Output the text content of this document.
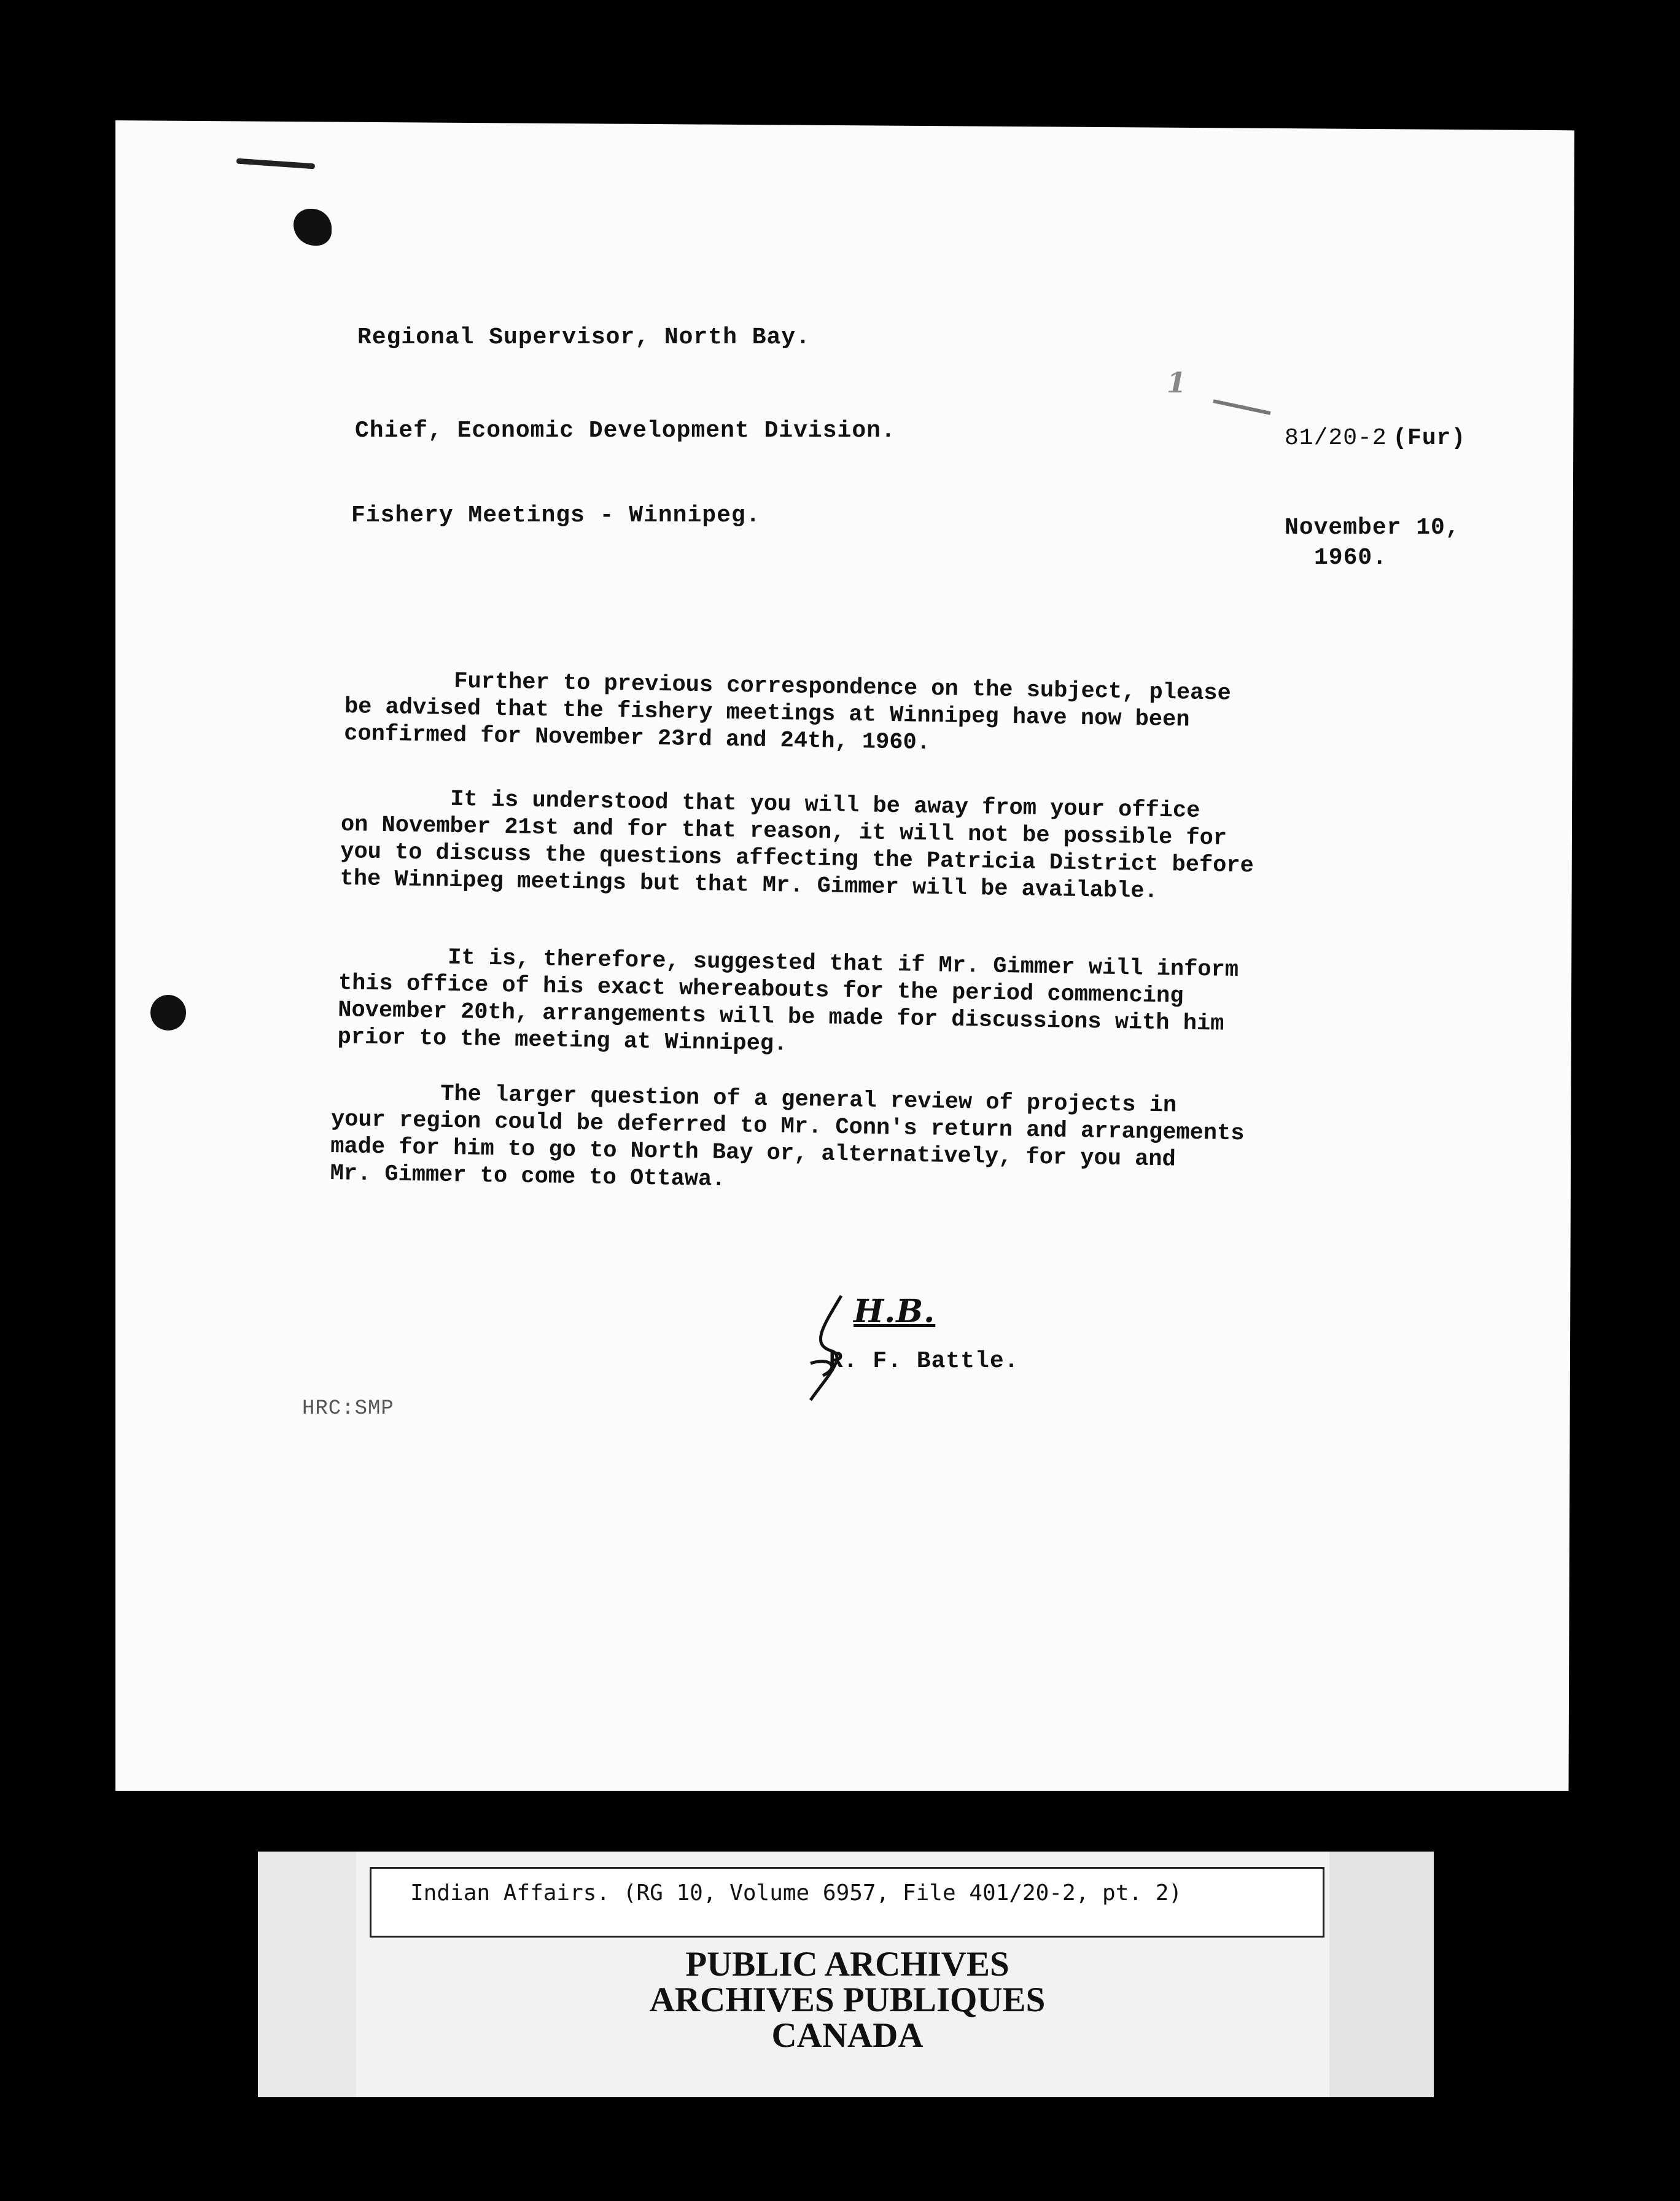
Regional Supervisor, North Bay.
Chief, Economic Development Division.
Fishery Meetings - Winnipeg.
1
81/20-2 (Fur)
November 10,
1960.
Further to previous correspondence on the subject, please
be advised that the fishery meetings at Winnipeg have now been
confirmed for November 23rd and 24th, 1960.
It is understood that you will be away from your office
on November 21st and for that reason, it will not be possible for
you to discuss the questions affecting the Patricia District before
the Winnipeg meetings but that Mr. Gimmer will be available.
It is, therefore, suggested that if Mr. Gimmer will inform
this office of his exact whereabouts for the period commencing
November 20th, arrangements will be made for discussions with him
prior to the meeting at Winnipeg.
The larger question of a general review of projects in
your region could be deferred to Mr. Conn's return and arrangements
made for him to go to North Bay or, alternatively, for you and
Mr. Gimmer to come to Ottawa.
H.B.
R. F. Battle.
HRC:SMP
Indian Affairs. (RG 10, Volume 6957, File 401/20-2, pt. 2)
PUBLIC ARCHIVES
ARCHIVES PUBLIQUES
CANADA
